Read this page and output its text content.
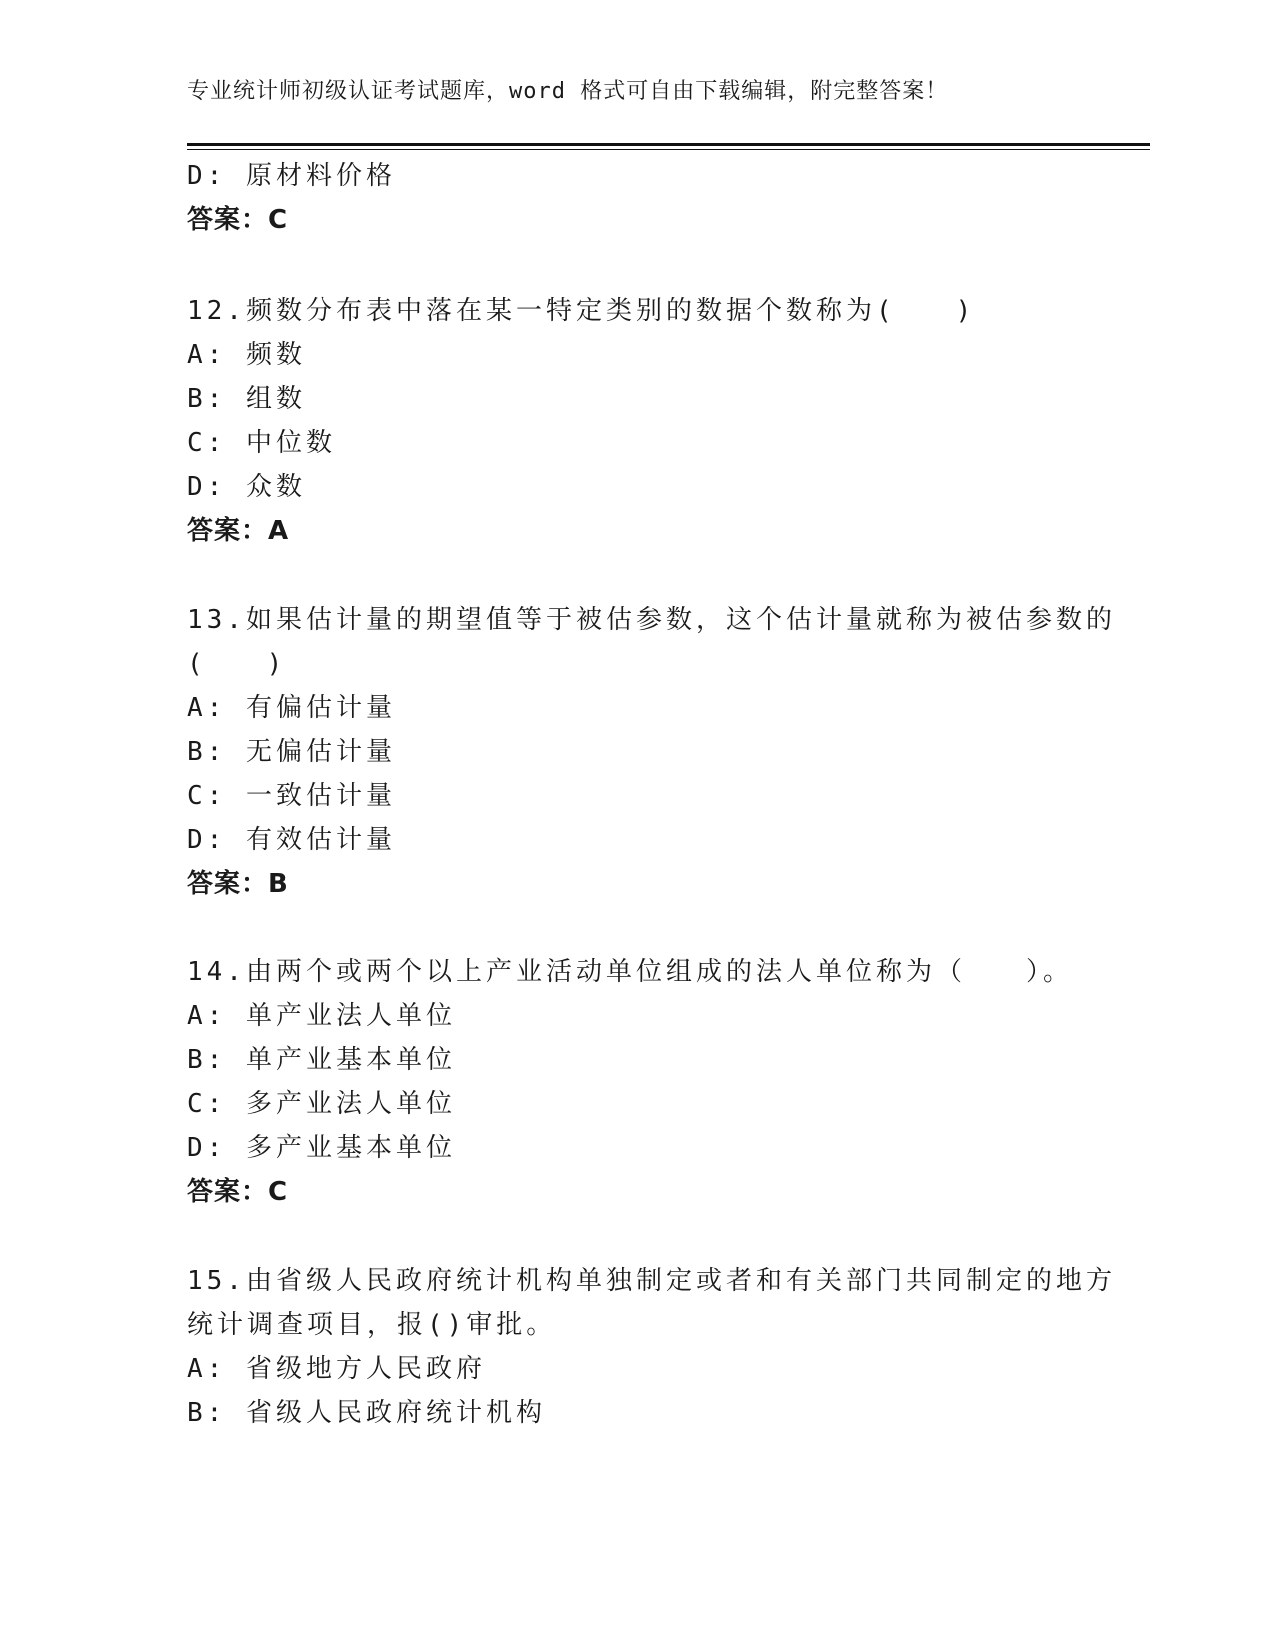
专业统计师初级认证考试题库，word 格式可自由下载编辑，附完整答案！
D: 原材料价格
答案：C
12.频数分布表中落在某一特定类别的数据个数称为(　　)
A: 频数
B: 组数
C: 中位数
D: 众数
答案：A
13.如果估计量的期望值等于被估参数，这个估计量就称为被估参数的
(　　)
A: 有偏估计量
B: 无偏估计量
C: 一致估计量
D: 有效估计量
答案：B
14.由两个或两个以上产业活动单位组成的法人单位称为（　　）。
A: 单产业法人单位
B: 单产业基本单位
C: 多产业法人单位
D: 多产业基本单位
答案：C
15.由省级人民政府统计机构单独制定或者和有关部门共同制定的地方
统计调查项目，报()审批。
A: 省级地方人民政府
B: 省级人民政府统计机构
